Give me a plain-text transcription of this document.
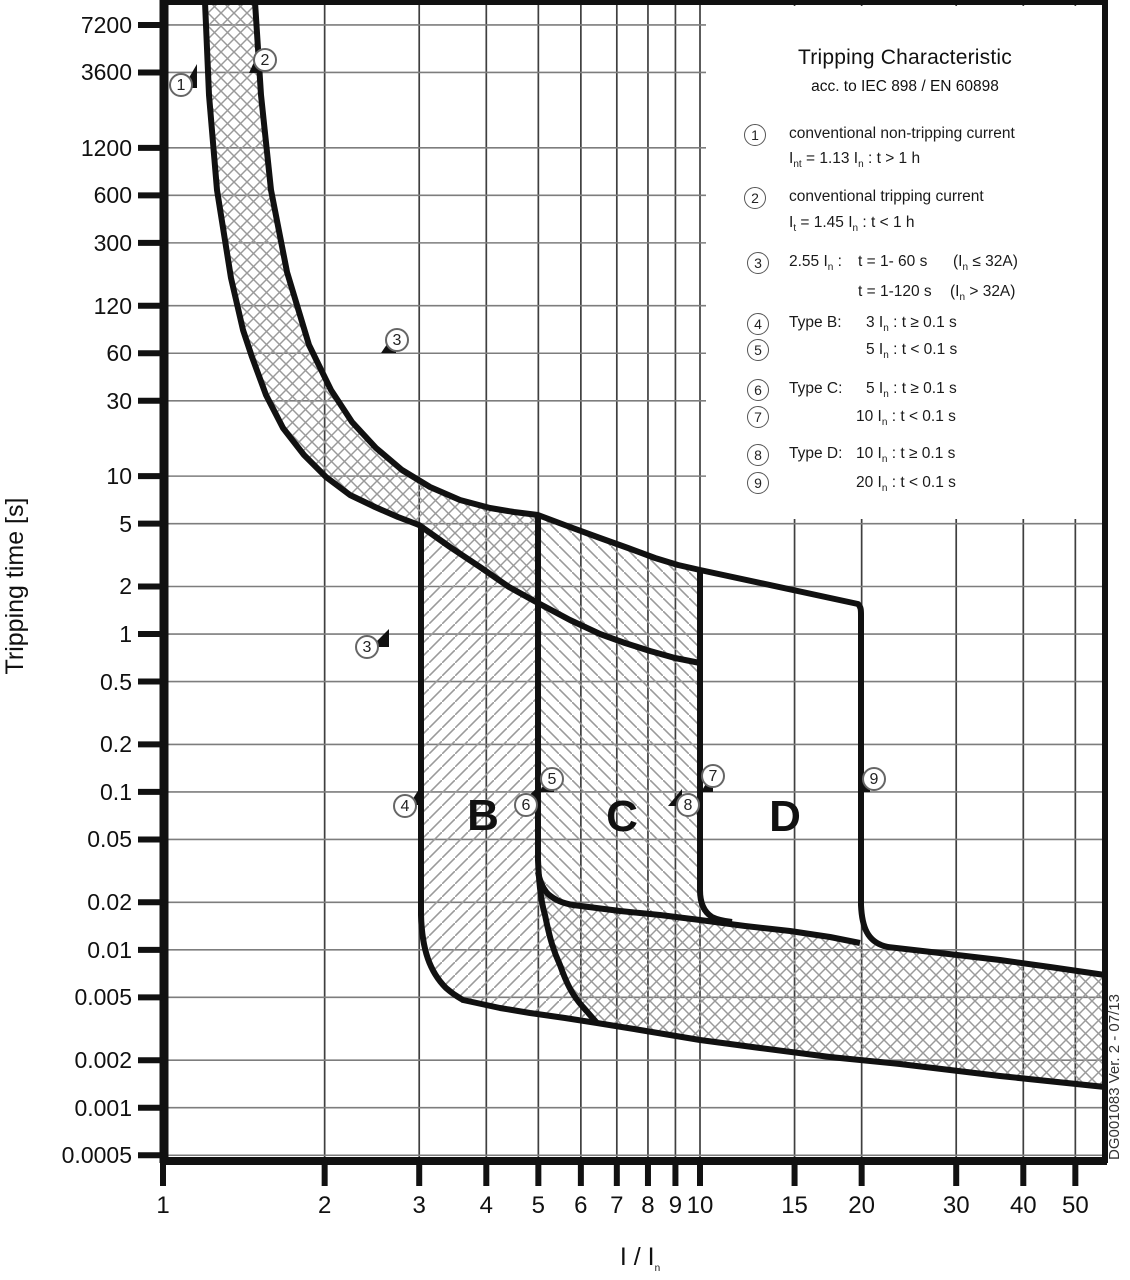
1	2	3	4	5	6 7 8 9 10	15	20	30	40	50
7200
3600
1200
600
300
120
60
30
10
5
2
1
0.5
0.2
0.1
0.05
0.02
0.01
0.005
0.002
0.001
0.0005
Tripping time [s]
I / $I_n$
Tripping Characteristic
acc. to IEC 898 / EN 60898
1	conventional non-tripping current
$I_{nt} = 1.13$ $I_n$ : t > 1 h
2	conventional tripping current
$I_t = 1.45$ $I_n$ : t < 1 h
3	2.55 $I_n$ : t = 1- 60 s $(I_n \le 32A)$
t = 1-120 s $(I_n > 32A)$
4	Type B: 3 $I_n$ : t ≥ 0.1 s
5	5 $I_n$ : t < 0.1 s
6	Type C: 5 $I_n$ : t ≥ 0.1 s
7	10 $I_n$ : t < 0.1 s
8	Type D: 10 $I_n$ : t ≥ 0.1 s
9	20 $I_n$ : t < 0.1 s
1
2
3
3
4
5
6
7
8
9
B	C	D
DG001083 Ver. 2 - 07/13
